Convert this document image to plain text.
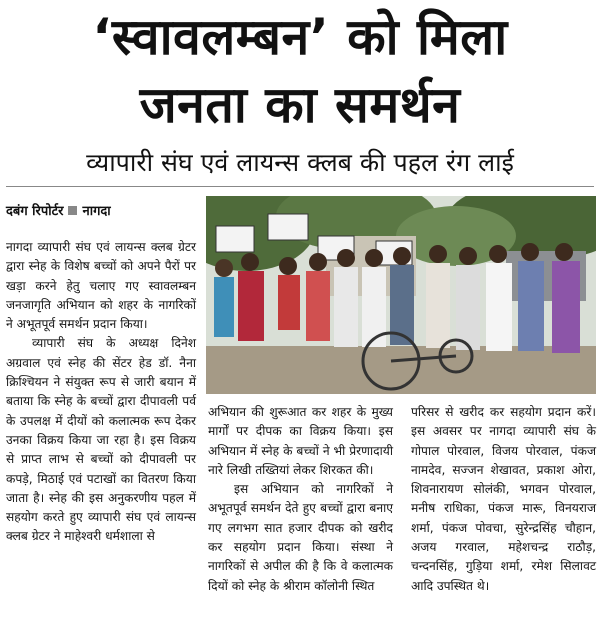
‘स्वावलम्बन’ को मिला
जनता का समर्थन
व्यापारी संघ एवं लायन्स क्लब की पहल रंग लाई
दबंग रिपोर्टर नागदा

नागदा व्यापारी संघ एवं लायन्स क्लब ग्रेटर द्वारा स्नेह के विशेष बच्चों को अपने पैरों पर खड़ा करने हेतु चलाए गए स्वावलम्बन जनजागृति अभियान को शहर के नागरिकों ने अभूतपूर्व समर्थन प्रदान किया।

व्यापारी संघ के अध्यक्ष दिनेश अग्रवाल एवं स्नेह की सेंटर हेड डॉ. नैना क्रिश्चियन ने संयुक्त रूप से जारी बयान में बताया कि स्नेह के बच्चों द्वारा दीपावली पर्व के उपलक्ष में दीयों को कलात्मक रूप देकर उनका विक्रय किया जा रहा है। इस विक्रय से प्राप्त लाभ से बच्चों को दीपावली पर कपड़े, मिठाई एवं पटाखों का वितरण किया जाता है। स्नेह की इस अनुकरणीय पहल में सहयोग करते हुए व्यापारी संघ एवं लायन्स क्लब ग्रेटर ने माहेश्वरी धर्मशाला से

अभियान की शुरूआत कर शहर के मुख्य मार्गों पर दीपक का विक्रय किया। इस अभियान में स्नेह के बच्चों ने भी प्रेरणादायी नारे लिखी तख्तियां लेकर शिरकत की।

इस अभियान को नागरिकों ने अभूतपूर्व समर्थन देते हुए बच्चों द्वारा बनाए गए लगभग सात हजार दीपक को खरीद कर सहयोग प्रदान किया। संस्था ने नागरिकों से अपील की है कि वे कलात्मक दियों को स्नेह के श्रीराम कॉलोनी स्थित

परिसर से खरीद कर सहयोग प्रदान करें। इस अवसर पर नागदा व्यापारी संघ के गोपाल पोरवाल, विजय पोरवाल, पंकज नामदेव, सज्जन शेखावत, प्रकाश ओरा, शिवनारायण सोलंकी, भगवन पोरवाल, मनीष राधिका, पंकज मारू, विनयराज शर्मा, पंकज पोवचा, सुरेन्द्रसिंह चौहान, अजय गरवाल, महेशचन्द्र राठौड़, चन्दनसिंह, गुड़िया शर्मा, रमेश सिलावट आदि उपस्थित थे।
